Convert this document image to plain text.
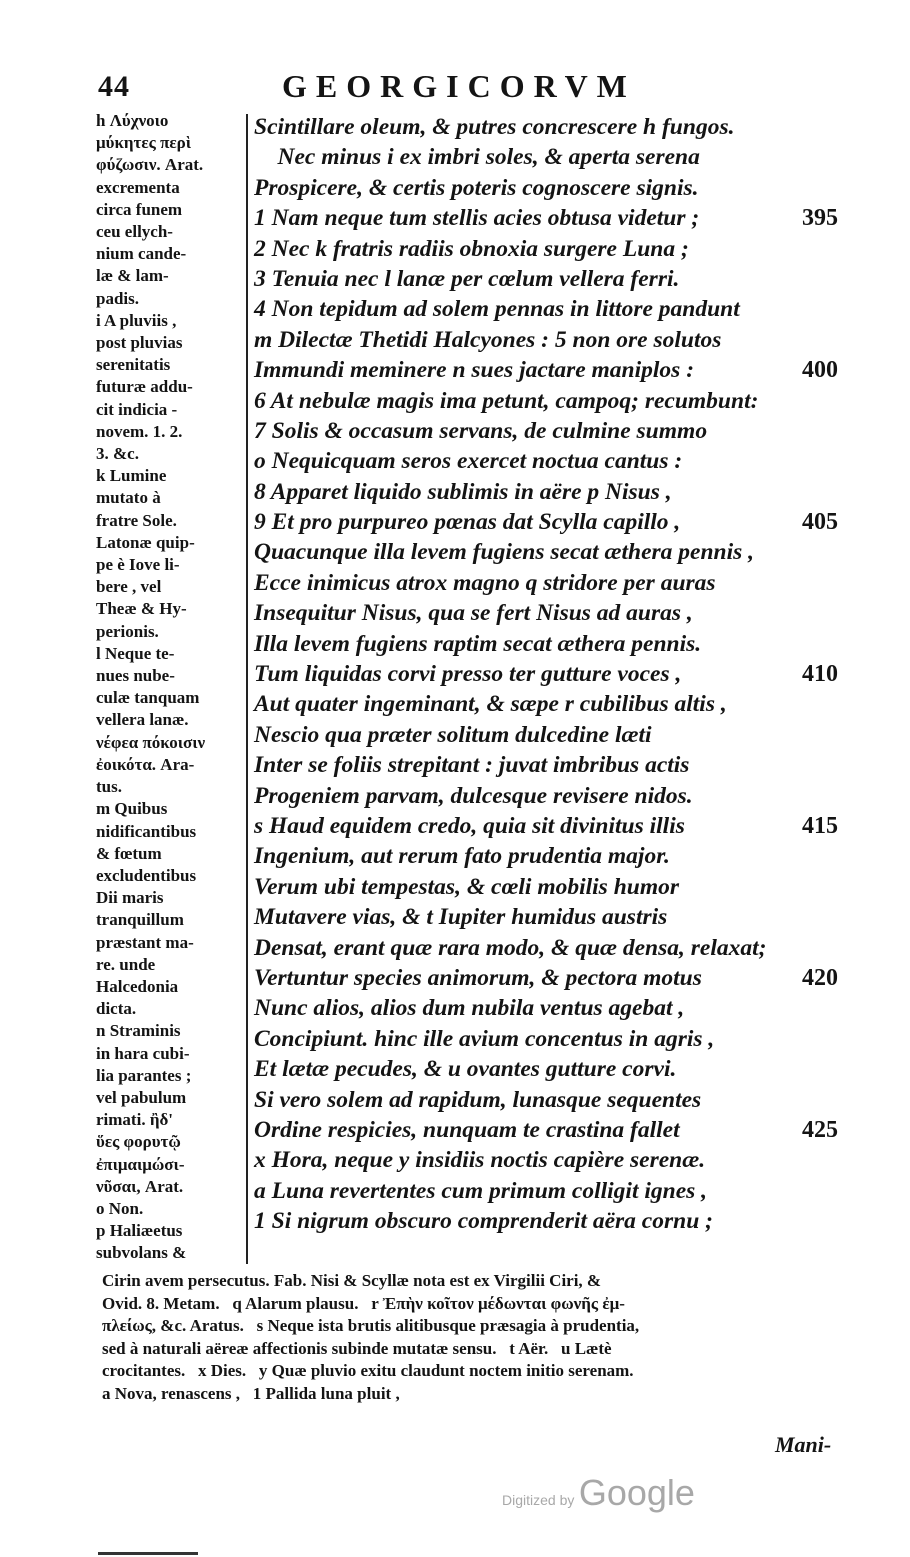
44	GEORGICORVM
h Λύχνοιο
μύκητες περὶ
φύζωσιν. Arat.
excrementa
circa funem
ceu ellych-
nium cande-
læ & lam-
padis.
i A pluviis ,
post pluvias
serenitatis
futuræ addu-
cit indicia -
novem. 1. 2.
3. &c.
k Lumine
mutato à
fratre Sole.
Latonæ quip-
pe è Iove li-
bere , vel
Theæ & Hy-
perionis.
l Neque te-
nues nube-
culæ tanquam
vellera lanæ.
νέφεα πόκοισιν
ἐοικότα. Ara-
tus.
m Quibus
nidificantibus
& fœtum
excludentibus
Dii maris
tranquillum
præstant ma-
re. unde
Halcedonia
dicta.
n Straminis
in hara cubi-
lia parantes ;
vel pabulum
rimati. ἢδ'
ὕες φορυτῷ
ἐπιμαιμώσι-
νῦσαι, Arat.
o Non.
p Haliæetus
subvolans &
Scintillare oleum, & putres concrescere h fungos.
Nec minus i ex imbri soles, & aperta serena
Prospicere, & certis poteris cognoscere signis.
1 Nam neque tum stellis acies obtusa videtur ;	395
2 Nec k fratris radiis obnoxia surgere Luna ;
3 Tenuia nec l lanæ per cœlum vellera ferri.
4 Non tepidum ad solem pennas in littore pandunt
m Dilectæ Thetidi Halcyones : 5 non ore solutos
Immundi meminere n sues jactare maniplos :	400
6 At nebulæ magis ima petunt, campoq; recumbunt:
7 Solis & occasum servans, de culmine summo
o Nequicquam seros exercet noctua cantus :
8 Apparet liquido sublimis in aëre p Nisus ,
9 Et pro purpureo pœnas dat Scylla capillo ,	405
Quacunque illa levem fugiens secat æthera pennis ,
Ecce inimicus atrox magno q stridore per auras
Insequitur Nisus, qua se fert Nisus ad auras ,
Illa levem fugiens raptim secat æthera pennis.
Tum liquidas corvi presso ter gutture voces ,	410
Aut quater ingeminant, & sæpe r cubilibus altis ,
Nescio qua præter solitum dulcedine læti
Inter se foliis strepitant : juvat imbribus actis
Progeniem parvam, dulcesque revisere nidos.
s Haud equidem credo, quia sit divinitus illis	415
Ingenium, aut rerum fato prudentia major.
Verum ubi tempestas, & cœli mobilis humor
Mutavere vias, & t Iupiter humidus austris
Densat, erant quæ rara modo, & quæ densa, relaxat;
Vertuntur species animorum, & pectora motus	420
Nunc alios, alios dum nubila ventus agebat ,
Concipiunt. hinc ille avium concentus in agris ,
Et lætæ pecudes, & u ovantes gutture corvi.
Si vero solem ad rapidum, lunasque sequentes
Ordine respicies, nunquam te crastina fallet	425
x Hora, neque y insidiis noctis capière serenæ.
a Luna revertentes cum primum colligit ignes ,
1 Si nigrum obscuro comprenderit aëra cornu ;
Cirin avem persecutus. Fab. Nisi & Scyllæ nota est ex Virgilii Ciri, &
Ovid. 8. Metam.   q Alarum plausu.   r Ἐπὴν κοῖτον μέδωνται φωνῆς ἐμ-
πλείως, &c. Aratus.   s Neque ista brutis alitibusque præsagia à prudentia,
sed à naturali aëreæ affectionis subinde mutatæ sensu.   t Aër.   u Lætè
crocitantes.   x Dies.   y Quæ pluvio exitu claudunt noctem initio serenam.
a Nova, renascens ,   1 Pallida luna pluit ,
Mani-
Digitized by Google
